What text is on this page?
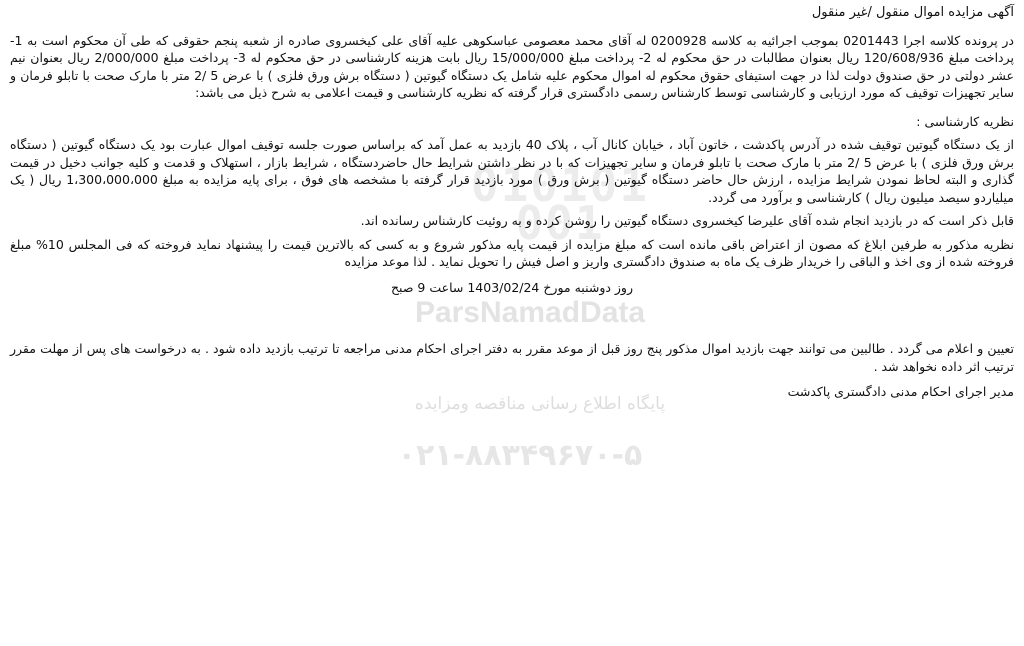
010101
001
ParsNamadData
پایگاه اطلاع رسانی مناقصه ومزایده
۰۲۱-۸۸۳۴۹۶۷۰-۵

آگهی مزایده اموال منقول /غیر منقول

در پرونده کلاسه اجرا 0201443 بموجب اجرائیه به کلاسه 0200928 له آقای محمد معصومی عباسکوهی علیه آقای علی کیخسروی صادره از شعبه پنجم حقوقی که طی آن محکوم است به 1- پرداخت مبلغ 120/608/936 ریال بعنوان مطالبات در حق محکوم له 2- پرداخت مبلغ 15/000/000 ریال بابت هزینه کارشناسی در حق محکوم له 3- پرداخت مبلغ 2/000/000 ریال بعنوان نیم عشر دولتی در حق صندوق دولت لذا در جهت استیفای حقوق محکوم له اموال محکوم علیه شامل یک دستگاه گیوتین ( دستگاه برش ورق فلزی ) با عرض 5 /2 متر با مارک صحت با تابلو فرمان و سایر تجهیزات توقیف که مورد ارزیابی و کارشناسی توسط کارشناس رسمی دادگستری قرار گرفته که نظریه کارشناسی و قیمت اعلامی به شرح ذیل می باشد:

نظریه کارشناسی :

از یک دستگاه گیوتین توقیف شده در آدرس پاکدشت ، خاتون آباد ، خیابان کانال آب ، پلاک 40 بازدید به عمل آمد که براساس صورت جلسه توقیف اموال عبارت بود یک دستگاه گیوتین ( دستگاه برش ورق فلزی ) با عرض 5 /2 متر با مارک صحت با تابلو فرمان و سایر تجهیزات که با در نظر داشتن شرایط حال حاضردستگاه ، شرایط بازار ، استهلاک و قدمت و کلیه جوانب دخیل در قیمت گذاری و البته لحاظ نمودن شرایط مزایده ، ارزش حال حاضر دستگاه گیوتین ( برش ورق ) مورد بازدید قرار گرفته با مشخصه های فوق ، برای پایه مزایده به مبلغ 1،300،000،000 ریال ( یک میلیاردو سیصد میلیون ریال ) کارشناسی و برآورد می گردد.

قابل ذکر است که در بازدید انجام شده آقای علیرضا کیخسروی دستگاه گیوتین را روشن کرده و به روئیت کارشناس رسانده اند.

نظریه مذکور به طرفین ابلاغ که مصون از اعتراض باقی مانده است که مبلغ مزایده از قیمت پایه مذکور شروع و به کسی که بالاترین قیمت را پیشنهاد نماید فروخته که فی المجلس 10% مبلغ فروخته شده از وی اخذ و الباقی را خریدار ظرف یک ماه به صندوق دادگستری واریز و اصل فیش را تحویل نماید . لذا موعد مزایده

روز دوشنبه مورخ 1403/02/24 ساعت 9 صبح

تعیین و اعلام می گردد . طالبین می توانند جهت بازدید اموال مذکور پنج روز قبل از موعد مقرر به دفتر اجرای احکام مدنی مراجعه تا ترتیب بازدید داده شود . به درخواست های پس از مهلت مقرر ترتیب اثر داده نخواهد شد .

مدیر اجرای احکام مدنی دادگستری پاکدشت
